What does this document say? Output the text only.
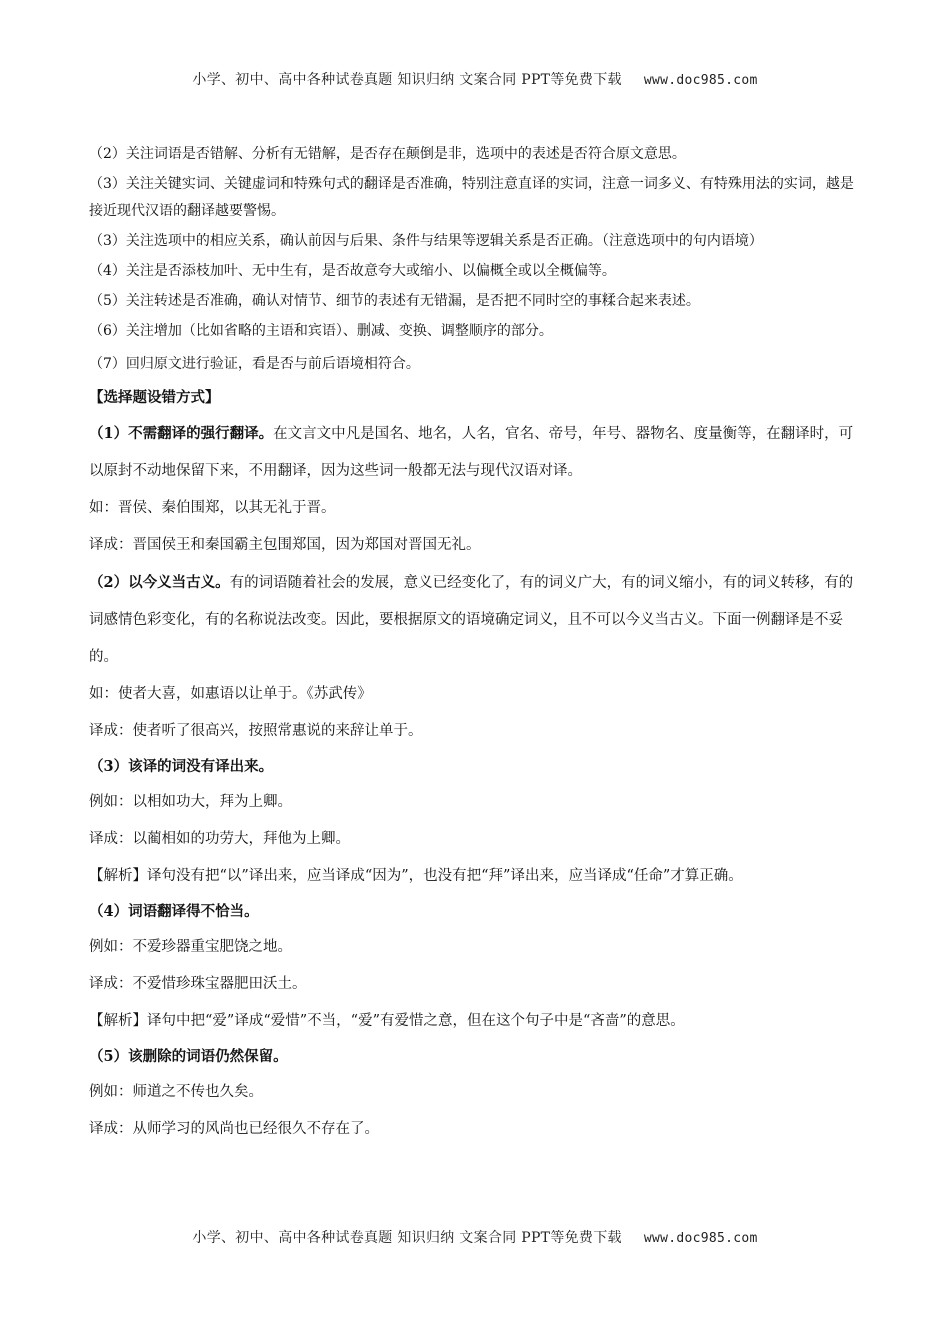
小学、初中、高中各种试卷真题 知识归纳 文案合同 PPT等免费下载 www.doc985.com

（2）关注词语是否错解、分析有无错解，是否存在颠倒是非，选项中的表述是否符合原文意思。

（3）关注关键实词、关键虚词和特殊句式的翻译是否准确，特别注意直译的实词，注意一词多义、有特殊用法的实词，越是接近现代汉语的翻译越要警惕。

（3）关注选项中的相应关系，确认前因与后果、条件与结果等逻辑关系是否正确。（注意选项中的句内语境）

（4）关注是否添枝加叶、无中生有，是否故意夸大或缩小、以偏概全或以全概偏等。

（5）关注转述是否准确，确认对情节、细节的表述有无错漏，是否把不同时空的事糅合起来表述。

（6）关注增加（比如省略的主语和宾语）、删减、变换、调整顺序的部分。

（7）回归原文进行验证，看是否与前后语境相符合。

【选择题设错方式】

（1）不需翻译的强行翻译。在文言文中凡是国名、地名，人名，官名、帝号，年号、器物名、度量衡等，在翻译时，可以原封不动地保留下来，不用翻译，因为这些词一般都无法与现代汉语对译。

如：晋侯、秦伯围郑，以其无礼于晋。

译成：晋国侯王和秦国霸主包围郑国，因为郑国对晋国无礼。

（2）以今义当古义。有的词语随着社会的发展，意义已经变化了，有的词义广大，有的词义缩小，有的词义转移，有的词感情色彩变化，有的名称说法改变。因此，要根据原文的语境确定词义，且不可以今义当古义。下面一例翻译是不妥的。

如：使者大喜，如惠语以让单于。《苏武传》

译成：使者听了很高兴，按照常惠说的来辞让单于。

（3）该译的词没有译出来。

例如：以相如功大，拜为上卿。

译成：以蔺相如的功劳大，拜他为上卿。

【解析】译句没有把“以”译出来，应当译成“因为”，也没有把“拜”译出来，应当译成“任命”才算正确。

（4）词语翻译得不恰当。

例如：不爱珍器重宝肥饶之地。

译成：不爱惜珍珠宝器肥田沃土。

【解析】译句中把“爱”译成“爱惜”不当，“爱”有爱惜之意，但在这个句子中是“吝啬”的意思。

（5）该删除的词语仍然保留。

例如：师道之不传也久矣。

译成：从师学习的风尚也已经很久不存在了。

小学、初中、高中各种试卷真题 知识归纳 文案合同 PPT等免费下载 www.doc985.com
